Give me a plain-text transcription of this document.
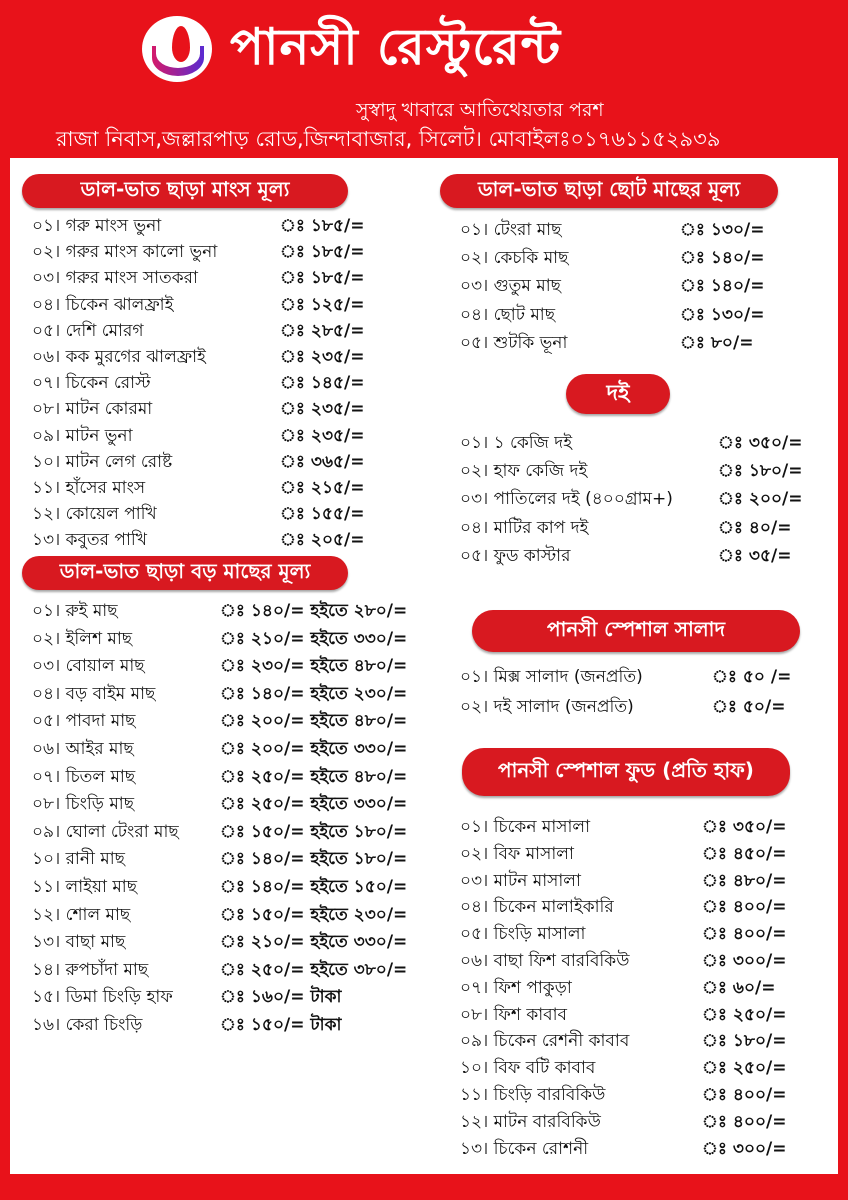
পানসী রেস্টুরেন্ট
সুস্বাদু খাবারে আতিথেয়তার পরশ
রাজা নিবাস,জল্লারপাড় রোড,জিন্দাবাজার, সিলেট। মোবাইলঃ০১৭৬১১৫২৯৩৯
ডাল-ভাত ছাড়া মাংস মূল্য
ডাল-ভাত ছাড়া বড় মাছের মূল্য
ডাল-ভাত ছাড়া ছোট মাছের মূল্য
দই
পানসী স্পেশাল সালাদ
পানসী স্পেশাল ফুড (প্রতি হাফ)
০১। গরু মাংস ভুনা	ঃ ১৮৫/=
০২। গরুর মাংস কালো ভুনা	ঃ ১৮৫/=
০৩। গরুর মাংস সাতকরা	ঃ ১৮৫/=
০৪। চিকেন ঝালফ্রাই	ঃ ১২৫/=
০৫। দেশি মোরগ	ঃ ২৮৫/=
০৬। কক মুরগের ঝালফ্রাই	ঃ ২৩৫/=
০৭। চিকেন রোস্ট	ঃ ১৪৫/=
০৮। মাটন কোরমা	ঃ ২৩৫/=
০৯। মাটন ভুনা	ঃ ২৩৫/=
১০। মাটন লেগ রোষ্ট	ঃ ৩৬৫/=
১১। হাঁসের মাংস	ঃ ২১৫/=
১২। কোয়েল পাখি	ঃ ১৫৫/=
১৩। কবুতর পাখি	ঃ ২০৫/=
০১। রুই মাছ	ঃ ১৪০/= হইতে ২৮০/=
০২। ইলিশ মাছ	ঃ ২১০/= হইতে ৩৩০/=
০৩। বোয়াল মাছ	ঃ ২৩০/= হইতে ৪৮০/=
০৪। বড় বাইম মাছ	ঃ ১৪০/= হইতে ২৩০/=
০৫। পাবদা মাছ	ঃ ২০০/= হইতে ৪৮০/=
০৬। আইর মাছ	ঃ ২০০/= হইতে ৩৩০/=
০৭। চিতল মাছ	ঃ ২৫০/= হইতে ৪৮০/=
০৮। চিংড়ি মাছ	ঃ ২৫০/= হইতে ৩৩০/=
০৯। ঘোলা টেংরা মাছ ঃ ১৫০/= হইতে ১৮০/=
১০। রানী মাছ	ঃ ১৪০/= হইতে ১৮০/=
১১। লাইয়া মাছ	ঃ ১৪০/= হইতে ১৫০/=
১২। শোল মাছ	ঃ ১৫০/= হইতে ২৩০/=
১৩। বাছা মাছ	ঃ ২১০/= হইতে ৩৩০/=
১৪। রুপচাঁদা মাছ	ঃ ২৫০/= হইতে ৩৮০/=
১৫। ডিমা চিংড়ি হাফ	ঃ ১৬০/= টাকা
১৬। কেরা চিংড়ি	ঃ ১৫০/= টাকা
০১। টেংরা মাছ	ঃ ১৩০/=
০২। কেচকি মাছ	ঃ ১৪০/=
০৩। গুতুম মাছ	ঃ ১৪০/=
০৪। ছোট মাছ	ঃ ১৩০/=
০৫। শুটকি ভূনা	ঃ ৮০/=
০১। ১ কেজি দই	ঃ ৩৫০/=
০২। হাফ কেজি দই	ঃ ১৮০/=
০৩। পাতিলের দই (৪০০গ্রাম+)	ঃ ২০০/=
০৪। মাটির কাপ দই	ঃ ৪০/=
০৫। ফুড কাস্টার	ঃ ৩৫/=
০১। মিক্স সালাদ (জনপ্রতি)	ঃ ৫০ /=
০২। দই সালাদ (জনপ্রতি)	ঃ ৫০/=
০১। চিকেন মাসালা	ঃ ৩৫০/=
০২। বিফ মাসালা	ঃ ৪৫০/=
০৩। মাটন মাসালা	ঃ ৪৮০/=
০৪। চিকেন মালাইকারি	ঃ ৪০০/=
০৫। চিংড়ি মাসালা	ঃ ৪০০/=
০৬। বাছা ফিশ বারবিকিউ	ঃ ৩০০/=
০৭। ফিশ পাকুড়া	ঃ ৬০/=
০৮। ফিশ কাবাব	ঃ ২৫০/=
০৯। চিকেন রেশনী কাবাব	ঃ ১৮০/=
১০। বিফ বটি কাবাব	ঃ ২৫০/=
১১। চিংড়ি বারবিকিউ	ঃ ৪০০/=
১২। মাটন বারবিকিউ	ঃ ৪০০/=
১৩। চিকেন রোশনী	ঃ ৩০০/=
